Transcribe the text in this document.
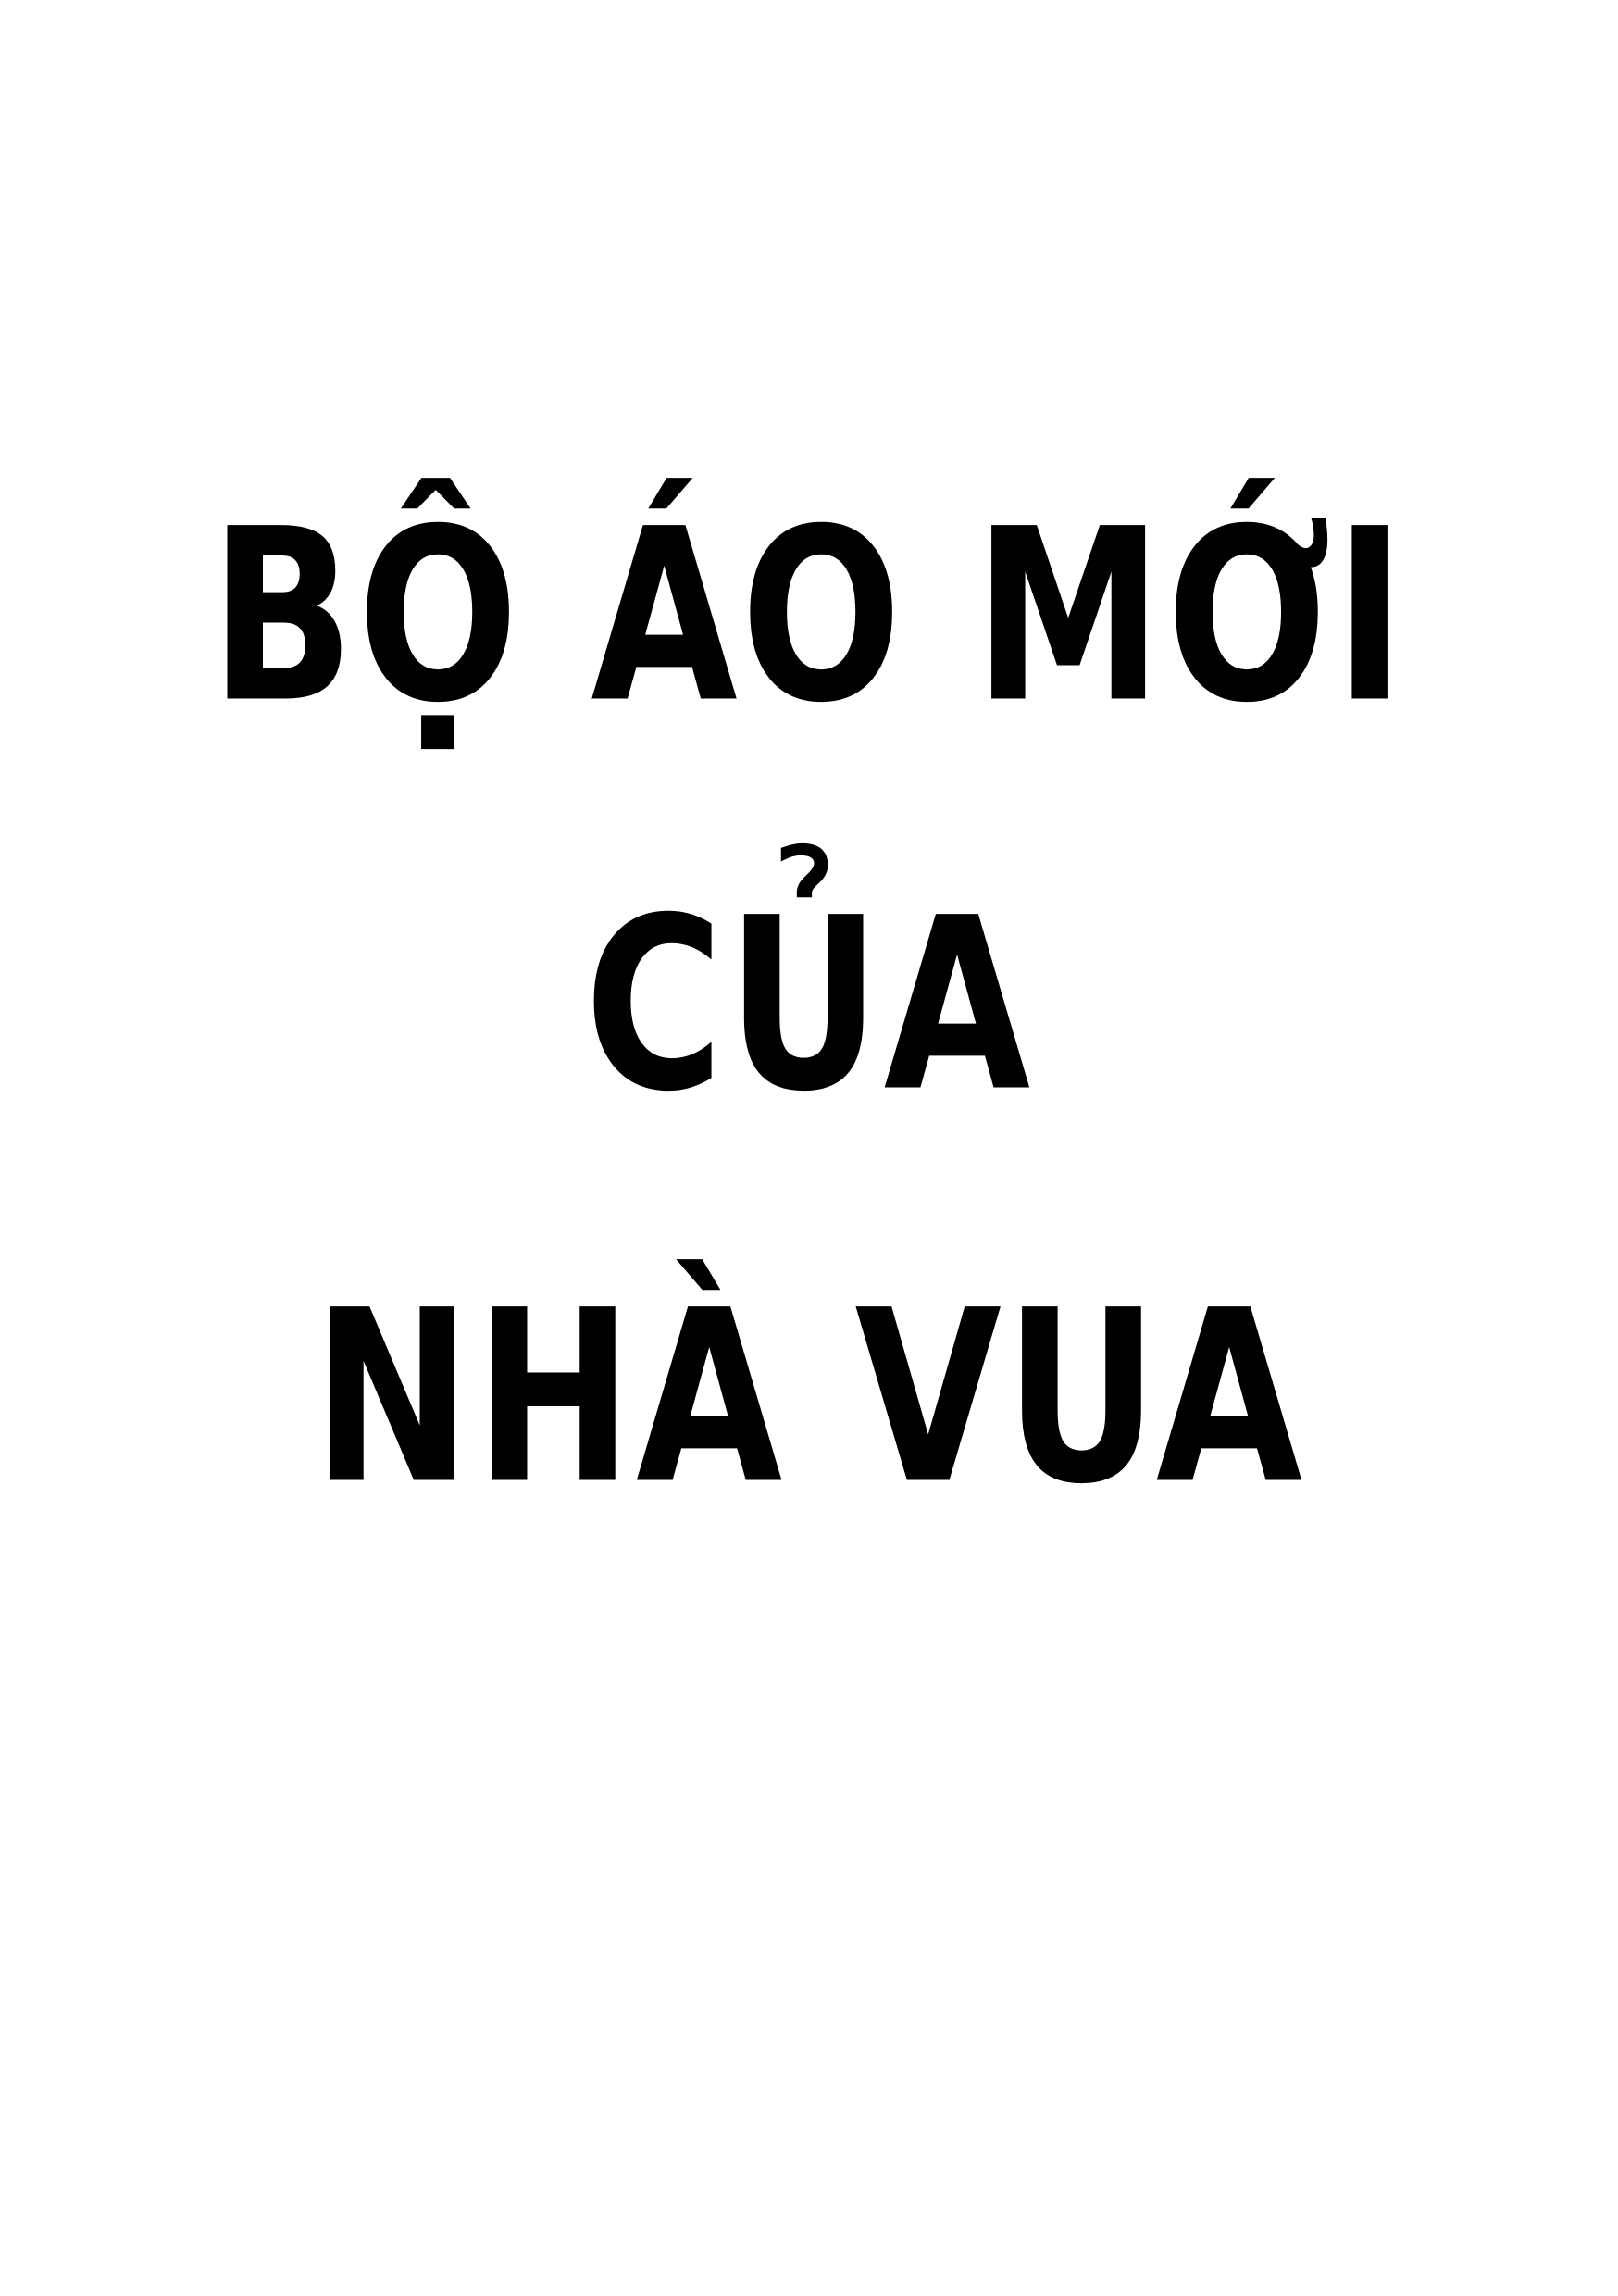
BỘ ÁO MỚI
CỦA
NHÀ VUA
